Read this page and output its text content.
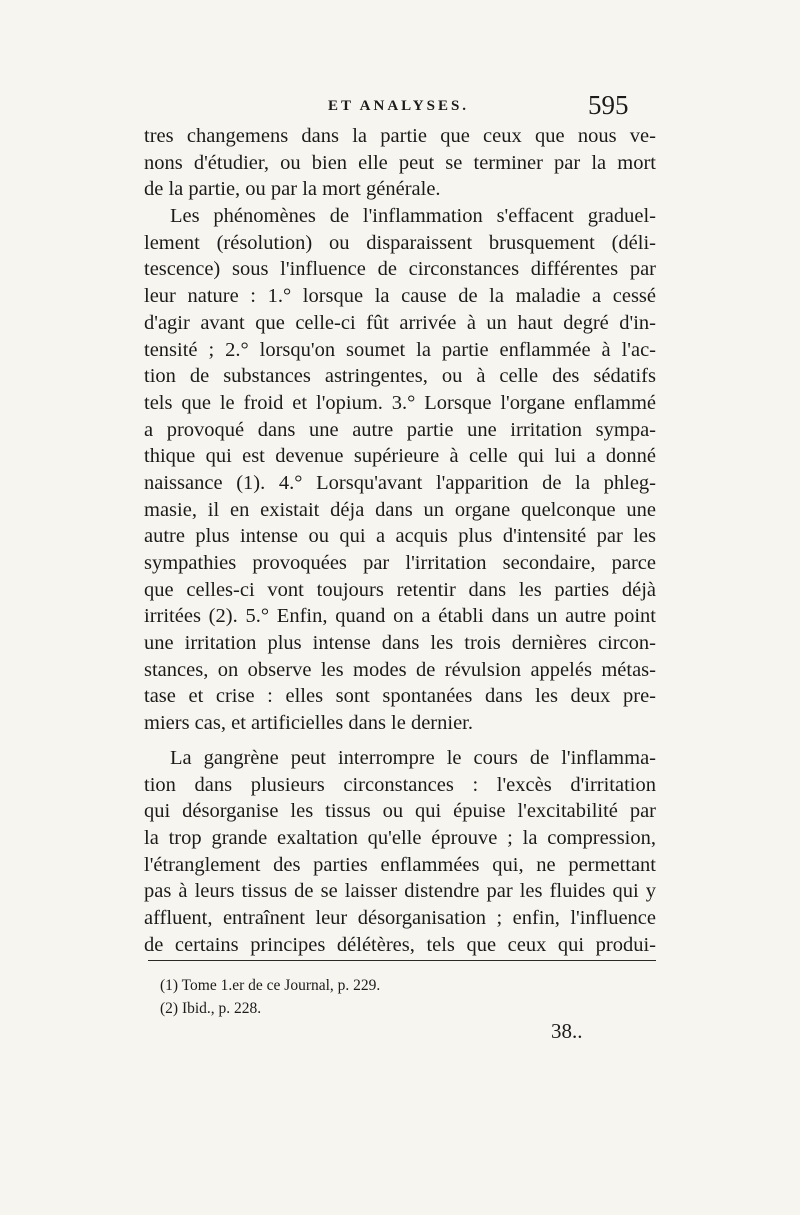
ET ANALYSES.	595
tres changemens dans la partie que ceux que nous ve-
nons d'étudier, ou bien elle peut se terminer par la mort
de la partie, ou par la mort générale.
Les phénomènes de l'inflammation s'effacent graduel-
lement (résolution) ou disparaissent brusquement (déli-
tescence) sous l'influence de circonstances différentes par
leur nature : 1.° lorsque la cause de la maladie a cessé
d'agir avant que celle-ci fût arrivée à un haut degré d'in-
tensité ; 2.° lorsqu'on soumet la partie enflammée à l'ac-
tion de substances astringentes, ou à celle des sédatifs
tels que le froid et l'opium. 3.° Lorsque l'organe enflammé
a provoqué dans une autre partie une irritation sympa-
thique qui est devenue supérieure à celle qui lui a donné
naissance (1). 4.° Lorsqu'avant l'apparition de la phleg-
masie, il en existait déja dans un organe quelconque une
autre plus intense ou qui a acquis plus d'intensité par les
sympathies provoquées par l'irritation secondaire, parce
que celles-ci vont toujours retentir dans les parties déjà
irritées (2). 5.° Enfin, quand on a établi dans un autre point
une irritation plus intense dans les trois dernières circon-
stances, on observe les modes de révulsion appelés métas-
tase et crise : elles sont spontanées dans les deux pre-
miers cas, et artificielles dans le dernier.
La gangrène peut interrompre le cours de l'inflamma-
tion dans plusieurs circonstances : l'excès d'irritation
qui désorganise les tissus ou qui épuise l'excitabilité par
la trop grande exaltation qu'elle éprouve ; la compression,
l'étranglement des parties enflammées qui, ne permettant
pas à leurs tissus de se laisser distendre par les fluides qui y
affluent, entraînent leur désorganisation ; enfin, l'influence
de certains principes délétères, tels que ceux qui produi-
(1) Tome 1.er de ce Journal, p. 229.
(2) Ibid., p. 228.
38..
